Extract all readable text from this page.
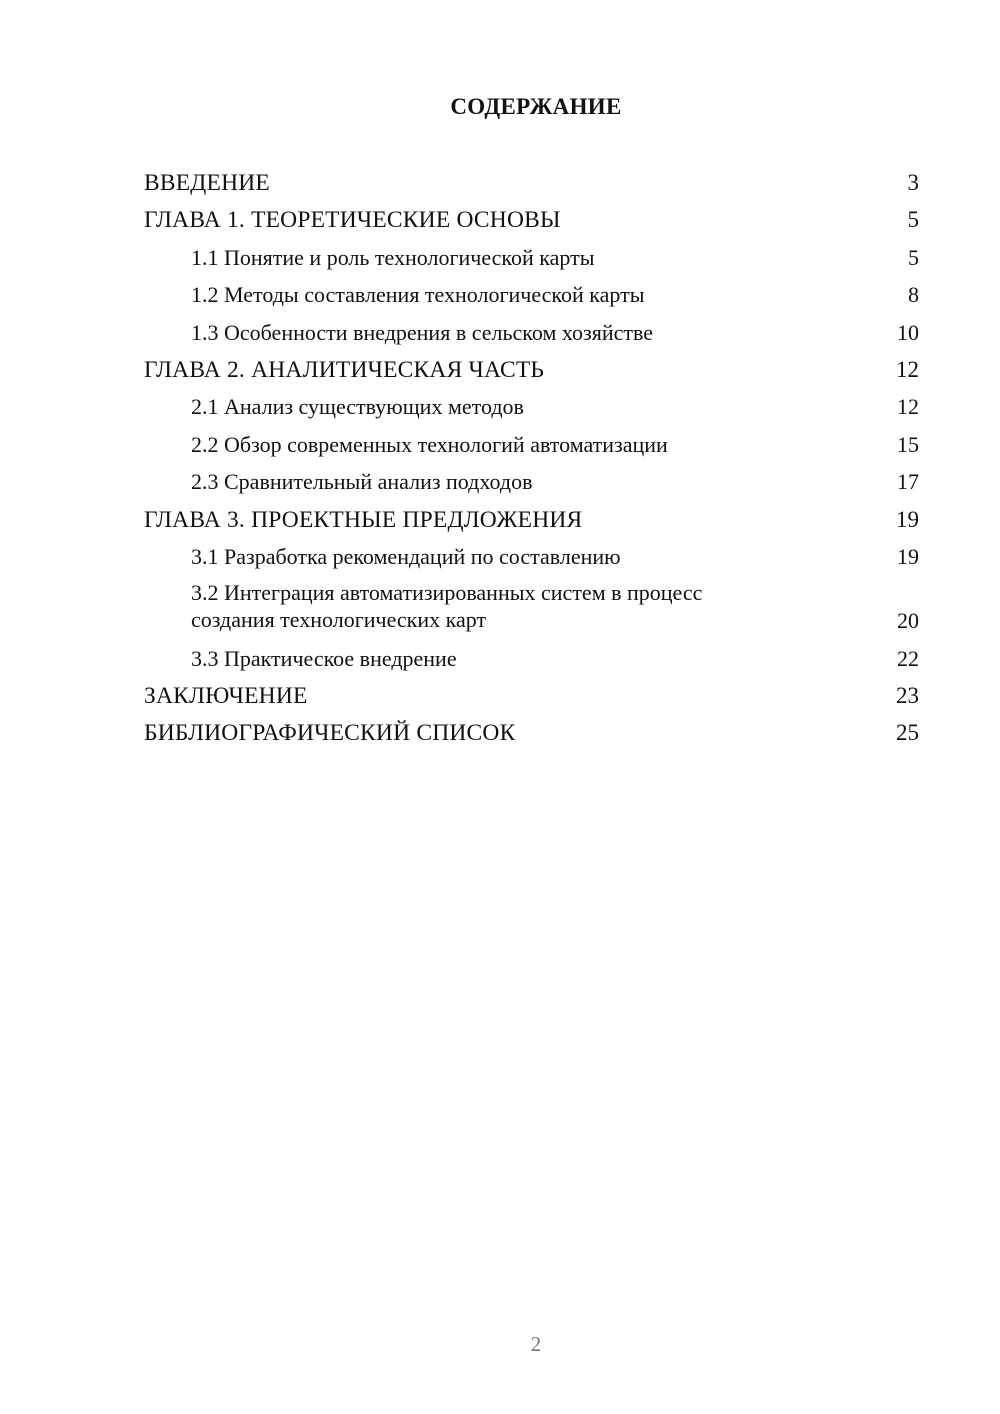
СОДЕРЖАНИЕ
ВВЕДЕНИЕ	3
ГЛАВА 1. ТЕОРЕТИЧЕСКИЕ ОСНОВЫ	5
1.1 Понятие и роль технологической карты	5
1.2 Методы составления технологической карты	8
1.3 Особенности внедрения в сельском хозяйстве	10
ГЛАВА 2. АНАЛИТИЧЕСКАЯ ЧАСТЬ	12
2.1 Анализ существующих методов	12
2.2 Обзор современных технологий автоматизации	15
2.3 Сравнительный анализ подходов	17
ГЛАВА 3. ПРОЕКТНЫЕ ПРЕДЛОЖЕНИЯ	19
3.1 Разработка рекомендаций по составлению	19
3.2 Интеграция автоматизированных систем в процесс
создания технологических карт	20
3.3 Практическое внедрение	22
ЗАКЛЮЧЕНИЕ	23
БИБЛИОГРАФИЧЕСКИЙ СПИСОК	25
2
